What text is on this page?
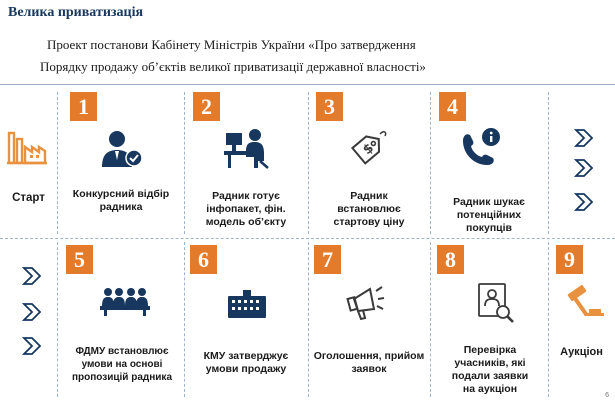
Велика приватизація
Проект постанови Кабінету Міністрів України «Про затвердження
Порядку продажу об’єктів великої приватизації державної власності»
Старт
1
Конкурсний відбір
радника
2
Радник готує
інфопакет, фін.
модель об’єкту
3
$
Радник
встановлює
стартову ціну
4
Радник шукає
потенційних
покупців
5
ФДМУ встановлює
умови на основі
пропозицій радника
6
КМУ затверджує
умови продажу
7
Оголошення, прийом
заявок
8
Перевірка
учасників, які
подали заявки
на аукціон
9
Аукціон
6
